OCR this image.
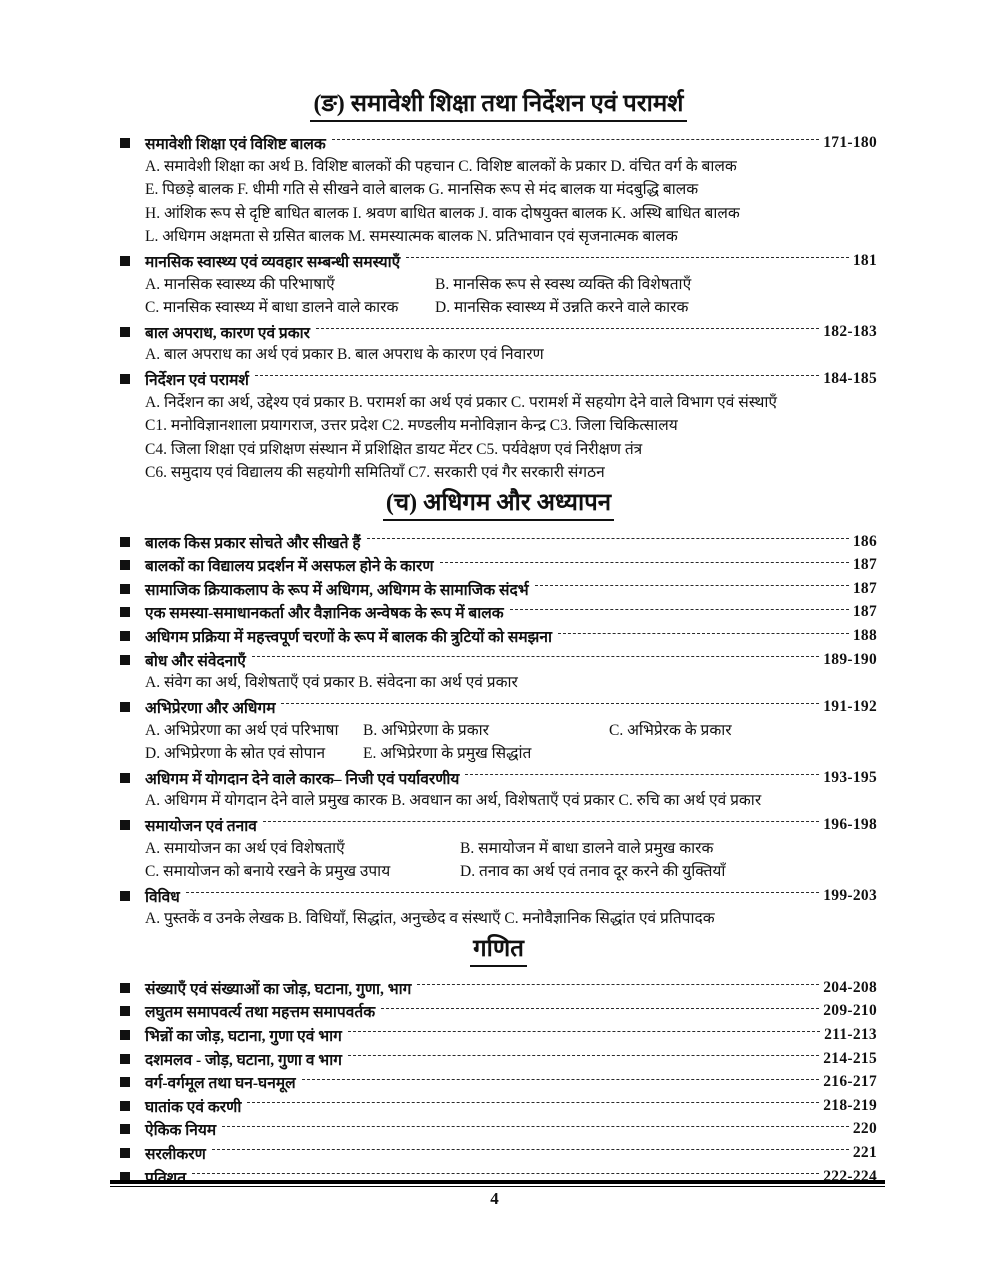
(ङ) समावेशी शिक्षा तथा निर्देशन एवं परामर्श
समावेशी शिक्षा एवं विशिष्ट बालक	171-180
A. समावेशी शिक्षा का अर्थ B. विशिष्ट बालकों की पहचान C. विशिष्ट बालकों के प्रकार D. वंचित वर्ग के बालक
E. पिछड़े बालक F. धीमी गति से सीखने वाले बालक G. मानसिक रूप से मंद बालक या मंदबुद्धि बालक
H. आंशिक रूप से दृष्टि बाधित बालक I. श्रवण बाधित बालक J. वाक दोषयुक्त बालक K. अस्थि बाधित बालक
L. अधिगम अक्षमता से ग्रसित बालक M. समस्यात्मक बालक N. प्रतिभावान एवं सृजनात्मक बालक
मानसिक स्वास्थ्य एवं व्यवहार सम्बन्धी समस्याएँ	181
A. मानसिक स्वास्थ्य की परिभाषाएँ	B. मानसिक रूप से स्वस्थ व्यक्ति की विशेषताएँ
C. मानसिक स्वास्थ्य में बाधा डालने वाले कारक	D. मानसिक स्वास्थ्य में उन्नति करने वाले कारक
बाल अपराध, कारण एवं प्रकार	182-183
A. बाल अपराध का अर्थ एवं प्रकार B. बाल अपराध के कारण एवं निवारण
निर्देशन एवं परामर्श	184-185
A. निर्देशन का अर्थ, उद्देश्य एवं प्रकार B. परामर्श का अर्थ एवं प्रकार C. परामर्श में सहयोग देने वाले विभाग एवं संस्थाएँ
C1. मनोविज्ञानशाला प्रयागराज, उत्तर प्रदेश C2. मण्डलीय मनोविज्ञान केन्द्र C3. जिला चिकित्सालय
C4. जिला शिक्षा एवं प्रशिक्षण संस्थान में प्रशिक्षित डायट मेंटर C5. पर्यवेक्षण एवं निरीक्षण तंत्र
C6. समुदाय एवं विद्यालय की सहयोगी समितियाँ C7. सरकारी एवं गैर सरकारी संगठन
(च) अधिगम और अध्यापन
बालक किस प्रकार सोचते और सीखते हैं	186
बालकों का विद्यालय प्रदर्शन में असफल होने के कारण	187
सामाजिक क्रियाकलाप के रूप में अधिगम, अधिगम के सामाजिक संदर्भ	187
एक समस्या-समाधानकर्ता और वैज्ञानिक अन्वेषक के रूप में बालक	187
अधिगम प्रक्रिया में महत्त्वपूर्ण चरणों के रूप में बालक की त्रुटियों को समझना	188
बोध और संवेदनाएँ	189-190
A. संवेग का अर्थ, विशेषताएँ एवं प्रकार B. संवेदना का अर्थ एवं प्रकार
अभिप्रेरणा और अधिगम	191-192
A. अभिप्रेरणा का अर्थ एवं परिभाषा	B. अभिप्रेरणा के प्रकार	C. अभिप्रेरक के प्रकार
D. अभिप्रेरणा के स्रोत एवं सोपान	E. अभिप्रेरणा के प्रमुख सिद्धांत
अधिगम में योगदान देने वाले कारक– निजी एवं पर्यावरणीय	193-195
A. अधिगम में योगदान देने वाले प्रमुख कारक B. अवधान का अर्थ, विशेषताएँ एवं प्रकार C. रुचि का अर्थ एवं प्रकार
समायोजन एवं तनाव	196-198
A. समायोजन का अर्थ एवं विशेषताएँ	B. समायोजन में बाधा डालने वाले प्रमुख कारक
C. समायोजन को बनाये रखने के प्रमुख उपाय	D. तनाव का अर्थ एवं तनाव दूर करने की युक्तियाँ
विविध	199-203
A. पुस्तकें व उनके लेखक B. विधियाँ, सिद्धांत, अनुच्छेद व संस्थाएँ C. मनोवैज्ञानिक सिद्धांत एवं प्रतिपादक
गणित
संख्याएँ एवं संख्याओं का जोड़, घटाना, गुणा, भाग	204-208
लघुतम समापवर्त्य तथा महत्तम समापवर्तक	209-210
भिन्नों का जोड़, घटाना, गुणा एवं भाग	211-213
दशमलव - जोड़, घटाना, गुणा व भाग	214-215
वर्ग-वर्गमूल तथा घन-घनमूल	216-217
घातांक एवं करणी	218-219
ऐकिक नियम	220
सरलीकरण	221
प्रतिशत	222-224
4
